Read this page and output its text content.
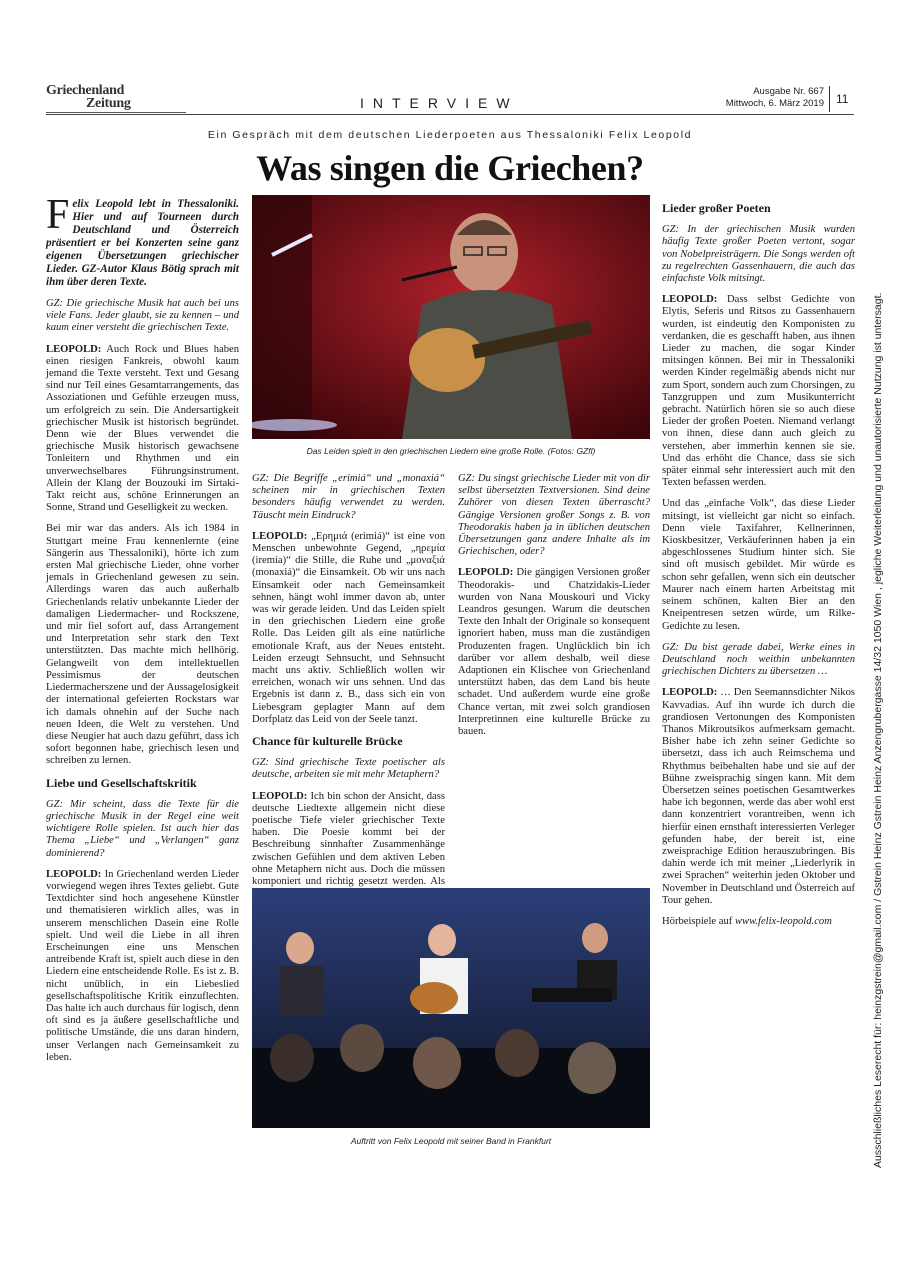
Griechenland
Zeitung	INTERVIEW
Ausgabe Nr. 667
Mittwoch, 6. März 2019 11
Ein Gespräch mit dem deutschen Liederpoeten aus Thessaloniki Felix Leopold
Was singen die Griechen?
Ausschließliches Leserecht für: heinzgstrein@gmail.com / Gstrein Heinz Gstrein Heinz Anzengrubergasse 14/32 1050 Wien , jegliche Weiterleitung und unautorisierte Nutzung ist untersagt.

Felix Leopold lebt in Thessaloniki. Hier und auf Tourneen durch Deutschland und Österreich präsentiert er bei Konzerten seine ganz eigenen Übersetzungen griechischer Lieder. GZ-Autor Klaus Bötig sprach mit ihm über deren Texte.

GZ: Die griechische Musik hat auch bei uns viele Fans. Jeder glaubt, sie zu kennen – und kaum einer versteht die griechischen Texte.

LEOPOLD: Auch Rock und Blues haben einen riesigen Fankreis, obwohl kaum jemand die Texte versteht. Text und Gesang sind nur Teil eines Gesamtarrangements, das Assoziationen und Gefühle erzeugen muss, um erfolgreich zu sein. Die Andersartigkeit griechischer Musik ist historisch begründet. Denn wie der Blues verwendet die griechische Musik historisch gewachsene Tonleitern und Rhythmen und ein unverwechselbares Führungsinstrument. Allein der Klang der Bouzouki im Sirtaki-Takt reicht aus, schöne Erinnerungen an Sonne, Strand und Geselligkeit zu wecken.

Bei mir war das anders. Als ich 1984 in Stuttgart meine Frau kennenlernte (eine Sängerin aus Thessaloniki), hörte ich zum ersten Mal griechische Lieder, ohne vorher jemals in Griechenland gewesen zu sein. Allerdings waren das auch außerhalb Griechenlands relativ unbekannte Lieder der damaligen Liedermacher- und Rockszene, und mir fiel sofort auf, dass Arrangement und Interpretation sehr stark den Text unterstützten. Das machte mich hellhörig. Gelangweilt von dem intellektuellen Pessimismus der deutschen Liedermacherszene und der Aussagelosigkeit der international gefeierten Rockstars war ich damals ohnehin auf der Suche nach neuen Ideen, die Welt zu verstehen. Und diese Neugier hat auch dazu geführt, dass ich sofort begonnen habe, griechisch lesen und schreiben zu lernen.

Liebe und Gesellschaftskritik

GZ: Mir scheint, dass die Texte für die griechische Musik in der Regel eine weit wichtigere Rolle spielen. Ist auch hier das Thema „Liebe“ und „Verlangen“ ganz dominierend?

LEOPOLD: In Griechenland werden Lieder vorwiegend wegen ihres Textes geliebt. Gute Textdichter sind hoch angesehene Künstler und thematisieren wirklich alles, was in unserem menschlichen Dasein eine Rolle spielt. Und weil die Liebe in all ihren Erscheinungen eine uns Menschen antreibende Kraft ist, spielt auch diese in den Liedern eine entscheidende Rolle. Es ist z. B. nicht unüblich, in ein Liebeslied gesellschaftspolitische Kritik einzuflechten. Das halte ich auch durchaus für logisch, denn oft sind es ja äußere gesellschaftliche und politische Umstände, die uns daran hindern, unser Verlangen nach Gemeinsamkeit zu leben.

Das Leiden spielt in den griechischen Liedern eine große Rolle. (Fotos: GZfl)

GZ: Die Begriffe „erimiá“ und „monaxiá“ scheinen mir in griechischen Texten besonders häufig verwendet zu werden. Täuscht mein Eindruck?

LEOPOLD: „Ερημιά (erimiá)“ ist eine von Menschen unbewohnte Gegend, „ηρεμία (iremía)“ die Stille, die Ruhe und „μοναξιά (monaxiá)“ die Einsamkeit. Ob wir uns nach Einsamkeit oder nach Gemeinsamkeit sehnen, hängt wohl immer davon ab, unter was wir gerade leiden. Und das Leiden spielt in den griechischen Liedern eine große Rolle. Das Leiden gilt als eine natürliche emotionale Kraft, aus der Neues entsteht. Leiden erzeugt Sehnsucht, und Sehnsucht macht uns aktiv. Schließlich wollen wir erreichen, wonach wir uns sehnen. Und das Ergebnis ist dann z. B., dass sich ein von Liebesgram geplagter Mann auf dem Dorfplatz das Leid von der Seele tanzt.

Chance für kulturelle Brücke

GZ: Sind griechische Texte poetischer als deutsche, arbeiten sie mit mehr Metaphern?

LEOPOLD: Ich bin schon der Ansicht, dass deutsche Liedtexte allgemein nicht diese poetische Tiefe vieler griechischer Texte haben. Die Poesie kommt bei der Beschreibung sinnhafter Zusammenhänge zwischen Gefühlen und dem aktiven Leben ohne Metaphern nicht aus. Doch die müssen komponiert und richtig gesetzt werden. Als

GZ: Du singst griechische Lieder mit von dir selbst übersetzten Textversionen. Sind deine Zuhörer von diesen Texten überrascht? Gängige Versionen großer Songs z. B. von Theodorakis haben ja in üblichen deutschen Übersetzungen ganz andere Inhalte als im Griechischen, oder?

LEOPOLD: Die gängigen Versionen großer Theodorakis- und Chatzidakis-Lieder wurden von Nana Mouskouri und Vicky Leandros gesungen. Warum die deutschen Texte den Inhalt der Originale so konsequent ignoriert haben, muss man die zuständigen Produzenten fragen. Unglücklich bin ich darüber vor allem deshalb, weil diese Adaptionen ein Klischee von Griechenland unterstützt haben, das dem Land bis heute schadet. Und außerdem wurde eine große Chance vertan, mit zwei solch grandiosen Interpretinnen eine kulturelle Brücke zu bauen.

Lieder großer Poeten

GZ: In der griechischen Musik wurden häufig Texte großer Poeten vertont, sogar von Nobelpreisträgern. Die Songs werden oft zu regelrechten Gassenhauern, die auch das einfachste Volk mitsingt.

LEOPOLD: Dass selbst Gedichte von Elytis, Seferis und Ritsos zu Gassenhauern wurden, ist eindeutig den Komponisten zu verdanken, die es geschafft haben, aus ihnen Lieder zu machen, die sogar Kinder mitsingen können. Bei mir in Thessaloniki werden Kinder regelmäßig abends nicht nur zum Sport, sondern auch zum Chorsingen, zu Tanzgruppen und zum Musikunterricht gebracht. Natürlich hören sie so auch diese Lieder der großen Poeten. Niemand verlangt von ihnen, diese dann auch gleich zu verstehen, aber immerhin kennen sie sie. Und das erhöht die Chance, dass sie sich später einmal sehr interessiert auch mit den Texten befassen werden.

Und das „einfache Volk“, das diese Lieder mitsingt, ist vielleicht gar nicht so einfach. Denn viele Taxifahrer, Kellnerinnen, Kioskbesitzer, Verkäuferinnen haben ja ein abgeschlossenes Studium hinter sich. Sie sind oft musisch gebildet. Mir würde es schon sehr gefallen, wenn sich ein deutscher Maurer nach einem harten Arbeitstag mit seinem schönen, kalten Bier an den Kneipentresen setzen würde, um Rilke-Gedichte zu lesen.

GZ: Du bist gerade dabei, Werke eines in Deutschland noch weithin unbekannten griechischen Dichters zu übersetzen …

LEOPOLD: … Den Seemannsdichter Nikos Kavvadias. Auf ihn wurde ich durch die grandiosen Vertonungen des Komponisten Thanos Mikroutsikos aufmerksam gemacht. Bisher habe ich zehn seiner Gedichte so übersetzt, dass ich auch Reimschema und Rhythmus beibehalten habe und sie auf der Bühne zweisprachig singen kann. Mit dem Übersetzen seines poetischen Gesamtwerkes habe ich begonnen, werde das aber wohl erst dann konzentriert vorantreiben, wenn ich hierfür einen ernsthaft interessierten Verleger gefunden habe, der bereit ist, eine zweisprachige Edition herauszubringen. Bis dahin werde ich mit meiner „Liederlyrik in zwei Sprachen“ weiterhin jeden Oktober und November in Deutschland und Österreich auf Tour gehen.

Hörbeispiele auf www.felix-leopold.com

Auftritt von Felix Leopold mit seiner Band in Frankfurt
